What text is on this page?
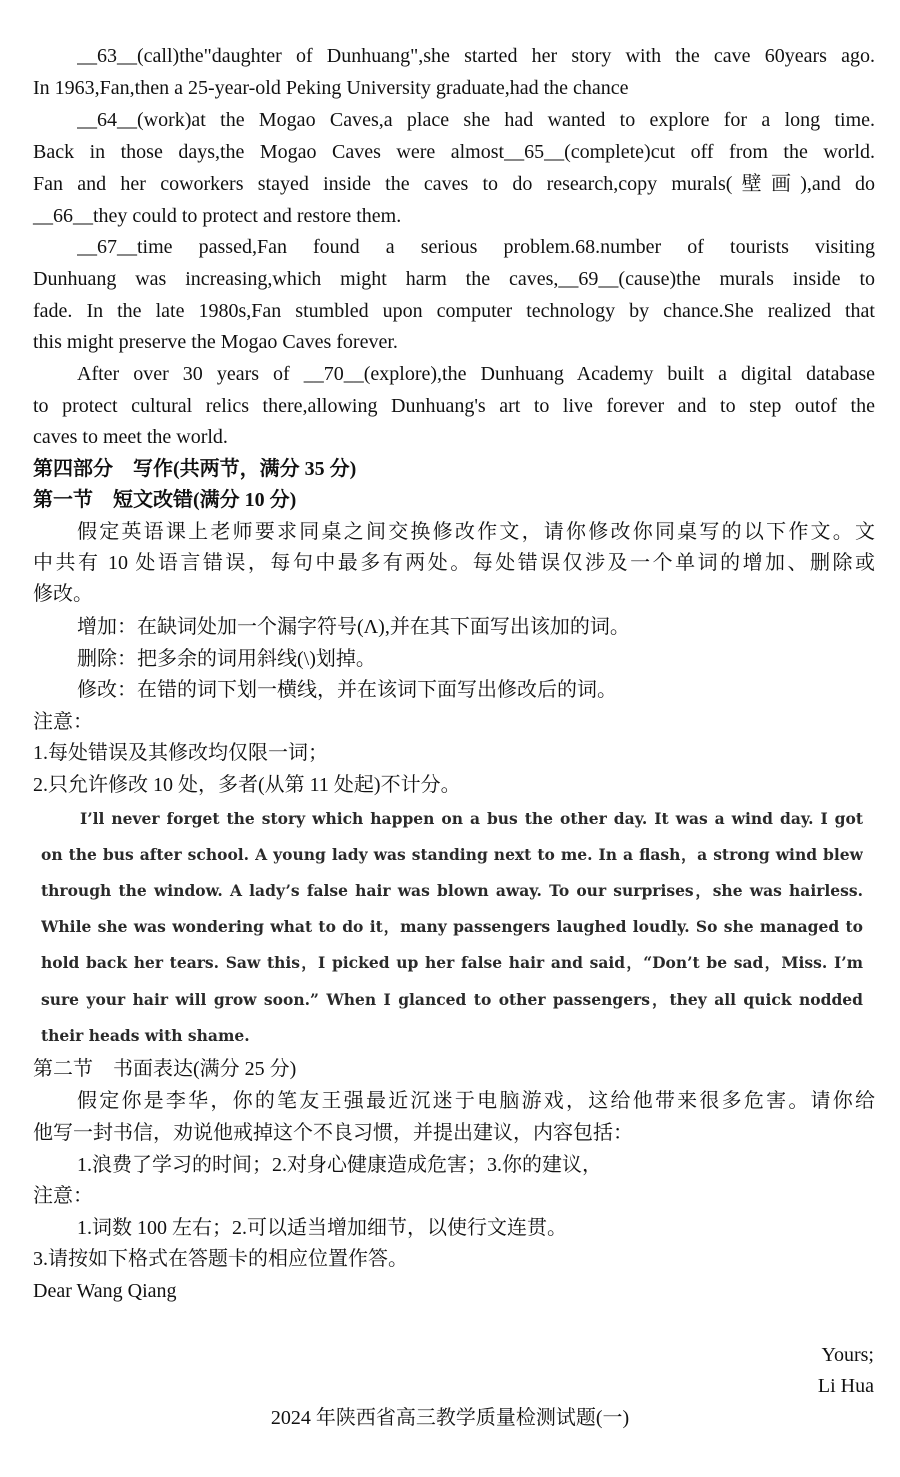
__63__(call)the"daughter of Dunhuang",she started her story with the cave 60years ago.
In 1963,Fan,then a 25-year-old Peking University graduate,had the chance
__64__(work)at the Mogao Caves,a place she had wanted to explore for a long time.
Back in those days,the Mogao Caves were almost__65__(complete)cut off from the world.
Fan and her coworkers stayed inside the caves to do research,copy murals(壁画),and do
__66__they could to protect and restore them.
__67__time passed,Fan found a serious problem.68.number of tourists visiting
Dunhuang was increasing,which might harm the caves,__69__(cause)the murals inside to
fade. In the late 1980s,Fan stumbled upon computer technology by chance.She realized that
this might preserve the Mogao Caves forever.
After over 30 years of __70__(explore),the Dunhuang Academy built a digital database
to protect cultural relics there,allowing Dunhuang's art to live forever and to step outof the
caves to meet the world.
第四部分　写作(共两节，满分 35 分)
第一节　短文改错(满分 10 分)
假定英语课上老师要求同桌之间交换修改作文，请你修改你同桌写的以下作文。文
中共有 10 处语言错误，每句中最多有两处。每处错误仅涉及一个单词的增加、删除或
修改。
增加：在缺词处加一个漏字符号(Λ),并在其下面写出该加的词。
删除：把多余的词用斜线(\)划掉。
修改：在错的词下划一横线，并在该词下面写出修改后的词。
注意：
1.每处错误及其修改均仅限一词；
2.只允许修改 10 处，多者(从第 11 处起)不计分。
I’ll never forget the story which happen on a bus the other day. It was a wind day. I got
on the bus after school. A young lady was standing next to me. In a flash，a strong wind blew
through the window. A lady’s false hair was blown away. To our surprises，she was hairless.
While she was wondering what to do it，many passengers laughed loudly. So she managed to
hold back her tears. Saw this，I picked up her false hair and said，“Don’t be sad，Miss. I’m
sure your hair will grow soon.” When I glanced to other passengers，they all quick nodded
their heads with shame.
第二节　书面表达(满分 25 分)
假定你是李华，你的笔友王强最近沉迷于电脑游戏，这给他带来很多危害。请你给
他写一封书信，劝说他戒掉这个不良习惯，并提出建议，内容包括：
1.浪费了学习的时间；2.对身心健康造成危害；3.你的建议，
注意：
1.词数 100 左右；2.可以适当增加细节，以使行文连贯。
3.请按如下格式在答题卡的相应位置作答。
Dear Wang Qiang
Yours;
Li Hua
2024 年陕西省高三教学质量检测试题(一)
